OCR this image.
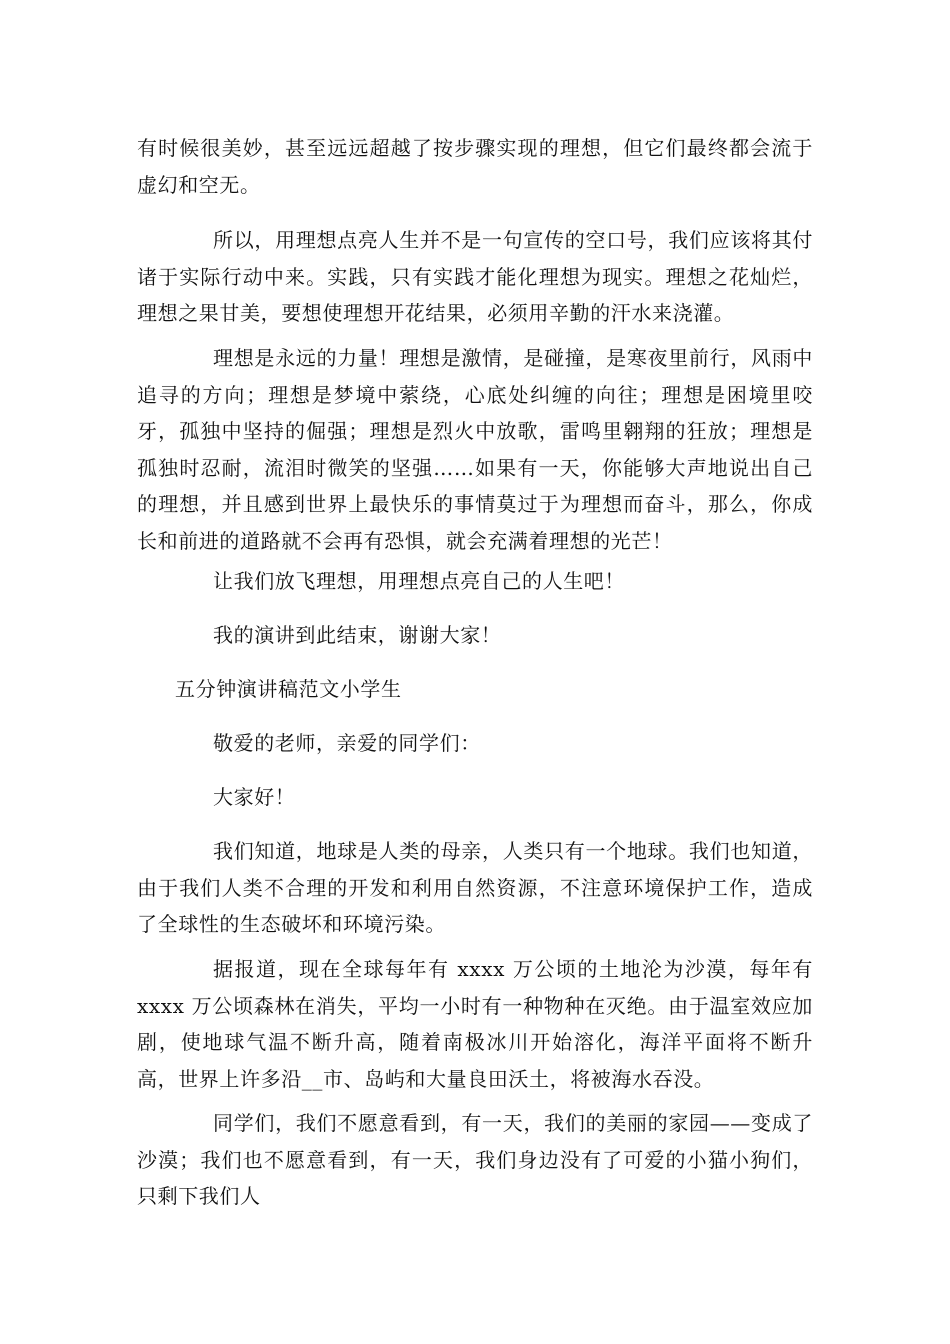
有时候很美妙，甚至远远超越了按步骤实现的理想，但它们最终都会流于虚幻和空无。

所以，用理想点亮人生并不是一句宣传的空口号，我们应该将其付诸于实际行动中来。实践，只有实践才能化理想为现实。理想之花灿烂，理想之果甘美，要想使理想开花结果，必须用辛勤的汗水来浇灌。

理想是永远的力量！理想是激情，是碰撞，是寒夜里前行，风雨中追寻的方向；理想是梦境中萦绕，心底处纠缠的向往；理想是困境里咬牙，孤独中坚持的倔强；理想是烈火中放歌，雷鸣里翱翔的狂放；理想是孤独时忍耐，流泪时微笑的坚强……如果有一天，你能够大声地说出自己的理想，并且感到世界上最快乐的事情莫过于为理想而奋斗，那么，你成长和前进的道路就不会再有恐惧，就会充满着理想的光芒！

让我们放飞理想，用理想点亮自己的人生吧！

我的演讲到此结束，谢谢大家！

五分钟演讲稿范文小学生

敬爱的老师，亲爱的同学们：

大家好！

我们知道，地球是人类的母亲，人类只有一个地球。我们也知道，由于我们人类不合理的开发和利用自然资源，不注意环境保护工作，造成了全球性的生态破坏和环境污染。

据报道，现在全球每年有 xxxx 万公顷的土地沦为沙漠，每年有 xxxx 万公顷森林在消失，平均一小时有一种物种在灭绝。由于温室效应加剧，使地球气温不断升高，随着南极冰川开始溶化，海洋平面将不断升高，世界上许多沿__市、岛屿和大量良田沃土，将被海水吞没。

同学们，我们不愿意看到，有一天，我们的美丽的家园——变成了沙漠；我们也不愿意看到，有一天，我们身边没有了可爱的小猫小狗们，只剩下我们人
